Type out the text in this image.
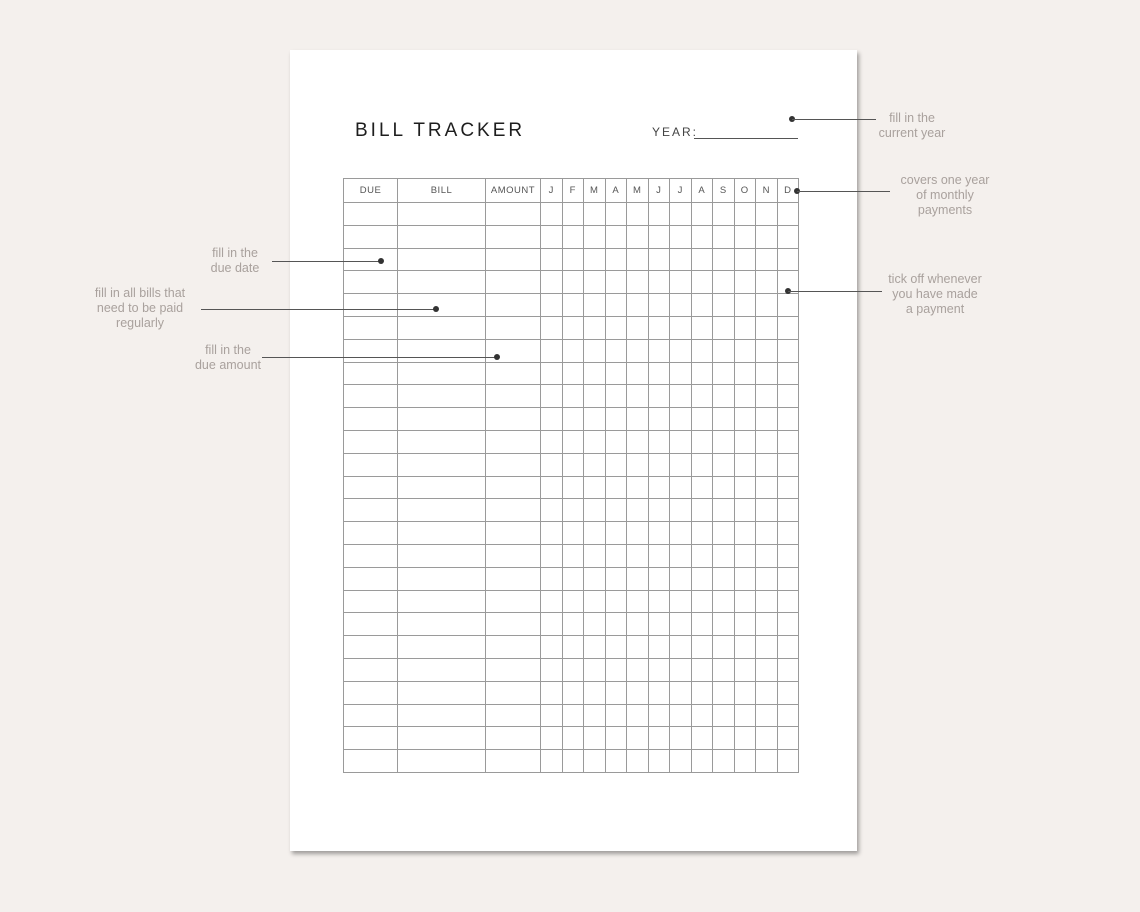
BILL TRACKER	YEAR:
DUE	BILL	AMOUNT	J	F	M	A	M	J	J	A	S	O	N	D

fill in the
current year
covers one year
of monthly
payments
fill in the
due date
fill in all bills that
need to be paid
regularly
fill in the
due amount
tick off whenever
you have made
a payment
